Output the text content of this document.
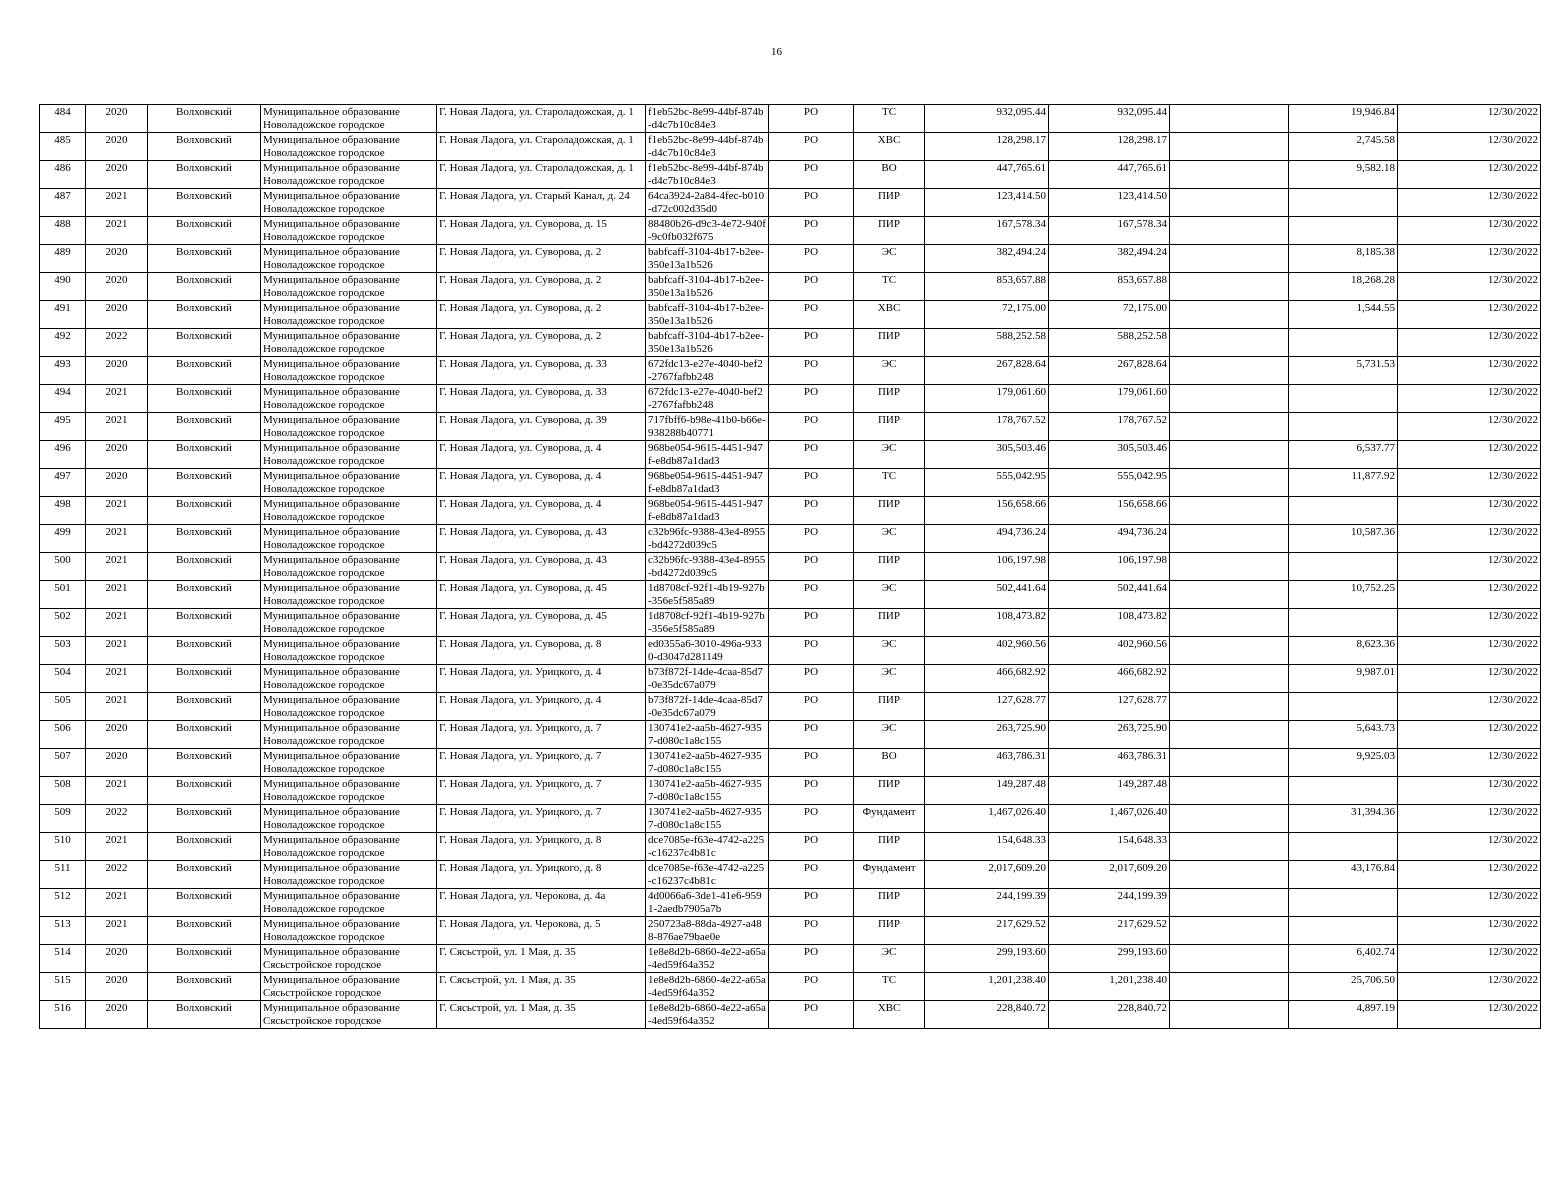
16
484	2020	Волховский	Муниципальное образование Новоладожское городское	Г. Новая Ладога, ул. Староладожская, д. 1	f1eb52bc-8e99-44bf-874b-d4c7b10c84e3	РО	ТС	932,095.44	932,095.44		19,946.84	12/30/2022
485	2020	Волховский	Муниципальное образование Новоладожское городское	Г. Новая Ладога, ул. Староладожская, д. 1	f1eb52bc-8e99-44bf-874b-d4c7b10c84e3	РО	ХВС	128,298.17	128,298.17		2,745.58	12/30/2022
486	2020	Волховский	Муниципальное образование Новоладожское городское	Г. Новая Ладога, ул. Староладожская, д. 1	f1eb52bc-8e99-44bf-874b-d4c7b10c84e3	РО	ВО	447,765.61	447,765.61		9,582.18	12/30/2022
487	2021	Волховский	Муниципальное образование Новоладожское городское	Г. Новая Ладога, ул. Старый Канал, д. 24	64ca3924-2a84-4fec-b010-d72c002d35d0	РО	ПИР	123,414.50	123,414.50			12/30/2022
488	2021	Волховский	Муниципальное образование Новоладожское городское	Г. Новая Ладога, ул. Суворова, д. 15	88480b26-d9c3-4e72-940f-9c0fb032f675	РО	ПИР	167,578.34	167,578.34			12/30/2022
489	2020	Волховский	Муниципальное образование Новоладожское городское	Г. Новая Ладога, ул. Суворова, д. 2	babfcaff-3104-4b17-b2ee-350e13a1b526	РО	ЭС	382,494.24	382,494.24		8,185.38	12/30/2022
490	2020	Волховский	Муниципальное образование Новоладожское городское	Г. Новая Ладога, ул. Суворова, д. 2	babfcaff-3104-4b17-b2ee-350e13a1b526	РО	ТС	853,657.88	853,657.88		18,268.28	12/30/2022
491	2020	Волховский	Муниципальное образование Новоладожское городское	Г. Новая Ладога, ул. Суворова, д. 2	babfcaff-3104-4b17-b2ee-350e13a1b526	РО	ХВС	72,175.00	72,175.00		1,544.55	12/30/2022
492	2022	Волховский	Муниципальное образование Новоладожское городское	Г. Новая Ладога, ул. Суворова, д. 2	babfcaff-3104-4b17-b2ee-350e13a1b526	РО	ПИР	588,252.58	588,252.58			12/30/2022
493	2020	Волховский	Муниципальное образование Новоладожское городское	Г. Новая Ладога, ул. Суворова, д. 33	672fdc13-e27e-4040-bef2-2767fafbb248	РО	ЭС	267,828.64	267,828.64		5,731.53	12/30/2022
494	2021	Волховский	Муниципальное образование Новоладожское городское	Г. Новая Ладога, ул. Суворова, д. 33	672fdc13-e27e-4040-bef2-2767fafbb248	РО	ПИР	179,061.60	179,061.60			12/30/2022
495	2021	Волховский	Муниципальное образование Новоладожское городское	Г. Новая Ладога, ул. Суворова, д. 39	717fbff6-b98e-41b0-b66e-938288b40771	РО	ПИР	178,767.52	178,767.52			12/30/2022
496	2020	Волховский	Муниципальное образование Новоладожское городское	Г. Новая Ладога, ул. Суворова, д. 4	968be054-9615-4451-947f-e8db87a1dad3	РО	ЭС	305,503.46	305,503.46		6,537.77	12/30/2022
497	2020	Волховский	Муниципальное образование Новоладожское городское	Г. Новая Ладога, ул. Суворова, д. 4	968be054-9615-4451-947f-e8db87a1dad3	РО	ТС	555,042.95	555,042.95		11,877.92	12/30/2022
498	2021	Волховский	Муниципальное образование Новоладожское городское	Г. Новая Ладога, ул. Суворова, д. 4	968be054-9615-4451-947f-e8db87a1dad3	РО	ПИР	156,658.66	156,658.66			12/30/2022
499	2021	Волховский	Муниципальное образование Новоладожское городское	Г. Новая Ладога, ул. Суворова, д. 43	c32b96fc-9388-43e4-8955-bd4272d039c5	РО	ЭС	494,736.24	494,736.24		10,587.36	12/30/2022
500	2021	Волховский	Муниципальное образование Новоладожское городское	Г. Новая Ладога, ул. Суворова, д. 43	c32b96fc-9388-43e4-8955-bd4272d039c5	РО	ПИР	106,197.98	106,197.98			12/30/2022
501	2021	Волховский	Муниципальное образование Новоладожское городское	Г. Новая Ладога, ул. Суворова, д. 45	1d8708cf-92f1-4b19-927b-356e5f585a89	РО	ЭС	502,441.64	502,441.64		10,752.25	12/30/2022
502	2021	Волховский	Муниципальное образование Новоладожское городское	Г. Новая Ладога, ул. Суворова, д. 45	1d8708cf-92f1-4b19-927b-356e5f585a89	РО	ПИР	108,473.82	108,473.82			12/30/2022
503	2021	Волховский	Муниципальное образование Новоладожское городское	Г. Новая Ладога, ул. Суворова, д. 8	ed0355a6-3010-496a-9330-d3047d281149	РО	ЭС	402,960.56	402,960.56		8,623.36	12/30/2022
504	2021	Волховский	Муниципальное образование Новоладожское городское	Г. Новая Ладога, ул. Урицкого, д. 4	b73f872f-14de-4caa-85d7-0e35dc67a079	РО	ЭС	466,682.92	466,682.92		9,987.01	12/30/2022
505	2021	Волховский	Муниципальное образование Новоладожское городское	Г. Новая Ладога, ул. Урицкого, д. 4	b73f872f-14de-4caa-85d7-0e35dc67a079	РО	ПИР	127,628.77	127,628.77			12/30/2022
506	2020	Волховский	Муниципальное образование Новоладожское городское	Г. Новая Ладога, ул. Урицкого, д. 7	130741e2-aa5b-4627-9357-d080c1a8c155	РО	ЭС	263,725.90	263,725.90		5,643.73	12/30/2022
507	2020	Волховский	Муниципальное образование Новоладожское городское	Г. Новая Ладога, ул. Урицкого, д. 7	130741e2-aa5b-4627-9357-d080c1a8c155	РО	ВО	463,786.31	463,786.31		9,925.03	12/30/2022
508	2021	Волховский	Муниципальное образование Новоладожское городское	Г. Новая Ладога, ул. Урицкого, д. 7	130741e2-aa5b-4627-9357-d080c1a8c155	РО	ПИР	149,287.48	149,287.48			12/30/2022
509	2022	Волховский	Муниципальное образование Новоладожское городское	Г. Новая Ладога, ул. Урицкого, д. 7	130741e2-aa5b-4627-9357-d080c1a8c155	РО	Фундамент	1,467,026.40	1,467,026.40		31,394.36	12/30/2022
510	2021	Волховский	Муниципальное образование Новоладожское городское	Г. Новая Ладога, ул. Урицкого, д. 8	dce7085e-f63e-4742-a225-c16237c4b81c	РО	ПИР	154,648.33	154,648.33			12/30/2022
511	2022	Волховский	Муниципальное образование Новоладожское городское	Г. Новая Ладога, ул. Урицкого, д. 8	dce7085e-f63e-4742-a225-c16237c4b81c	РО	Фундамент	2,017,609.20	2,017,609.20		43,176.84	12/30/2022
512	2021	Волховский	Муниципальное образование Новоладожское городское	Г. Новая Ладога, ул. Черокова, д. 4а	4d0066a6-3de1-41e6-9591-2aedb7905a7b	РО	ПИР	244,199.39	244,199.39			12/30/2022
513	2021	Волховский	Муниципальное образование Новоладожское городское	Г. Новая Ладога, ул. Черокова, д. 5	250723a8-88da-4927-a488-876ae79bae0e	РО	ПИР	217,629.52	217,629.52			12/30/2022
514	2020	Волховский	Муниципальное образование Сясьстройское городское	Г. Сясьстрой, ул. 1 Мая, д. 35	1e8e8d2b-6860-4e22-a65a-4ed59f64a352	РО	ЭС	299,193.60	299,193.60		6,402.74	12/30/2022
515	2020	Волховский	Муниципальное образование Сясьстройское городское	Г. Сясьстрой, ул. 1 Мая, д. 35	1e8e8d2b-6860-4e22-a65a-4ed59f64a352	РО	ТС	1,201,238.40	1,201,238.40		25,706.50	12/30/2022
516	2020	Волховский	Муниципальное образование Сясьстройское городское	Г. Сясьстрой, ул. 1 Мая, д. 35	1e8e8d2b-6860-4e22-a65a-4ed59f64a352	РО	ХВС	228,840.72	228,840.72		4,897.19	12/30/2022
